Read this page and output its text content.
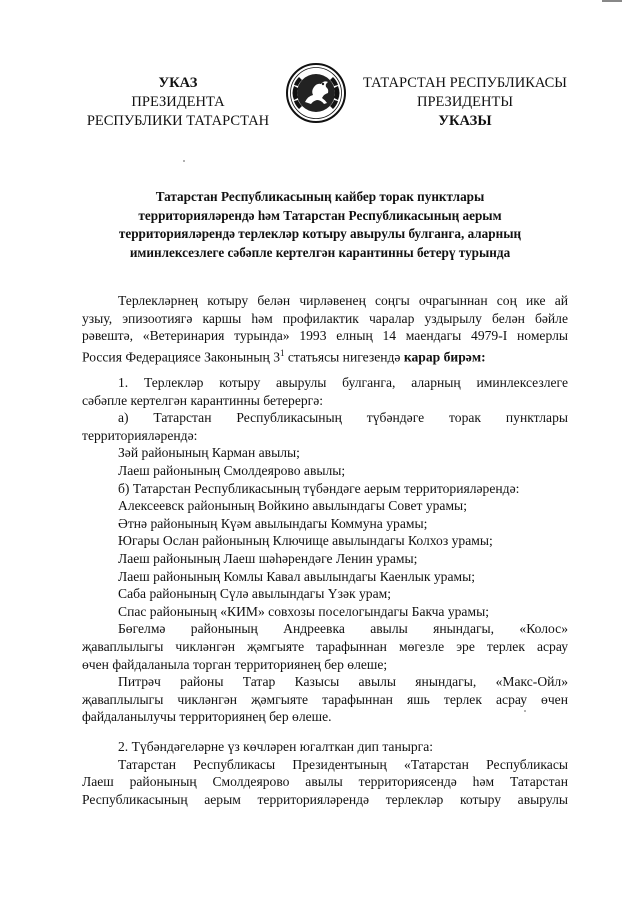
УКАЗ
ПРЕЗИДЕНТА
РЕСПУБЛИКИ ТАТАРСТАН
ТАТАРСТАН РЕСПУБЛИКАСЫ
ПРЕЗИДЕНТЫ
УКАЗЫ
Татарстан Республикасының кайбер торак пунктлары
территорияләрендә һәм Татарстан Республикасының аерым
территорияләрендә терлекләр котыру авырулы булганга, аларның
иминлексезлеге сәбәпле кертелгән карантинны бетерү турында
Терлекләрнең котыру белән чирләвенең соңгы очрагыннан соң ике ай
узыу, эпизоотиягә каршы һәм профилактик чаралар уздырылу белән бәйле
рәвештә, «Ветеринария турында» 1993 елның 14 маендагы 4979-I номерлы
Россия Федерациясе Законының $3^1$ статьясы нигезендә карар бирәм:
1. Терлекләр котыру авырулы булганга, аларның иминлексезлеге
сәбәпле кертелгән карантинны бетерергә:
а) Татарстан Республикасының түбәндәге торак пунктлары
территорияләрендә:
Зәй районының Карман авылы;
Лаеш районының Смолдеярово авылы;
б) Татарстан Республикасының түбәндәге аерым территорияләрендә:
Алексеевск районының Войкино авылындагы Совет урамы;
Әтнә районының Күәм авылындагы Коммуна урамы;
Югары Ослан районының Ключище авылындагы Колхоз урамы;
Лаеш районының Лаеш шәһәрендәге Ленин урамы;
Лаеш районының Комлы Кавал авылындагы Каенлык урамы;
Саба районының Сүлә авылындагы Үзәк урам;
Спас районының «КИМ» совхозы поселогындагы Бакча урамы;
Бөгелмә районының Андреевка авылы янындагы, «Колос»
җаваплылыгы чикләнгән җәмгыяте тарафыннан мөгезле эре терлек асрау
өчен файдаланыла торган территориянең бер өлеше;
Питрәч районы Татар Казысы авылы янындагы, «Макс-Ойл»
җаваплылыгы чикләнгән җәмгыяте тарафыннан яшь терлек асрау өчен
файдаланылучы территориянең бер өлеше.
2. Түбәндәгеләрне үз көчләрен югалткан дип танырга:
Татарстан Республикасы Президентының «Татарстан Республикасы
Лаеш районының Смолдеярово авылы территориясендә һәм Татарстан
Республикасының аерым территорияләрендә терлекләр котыру авырулы
